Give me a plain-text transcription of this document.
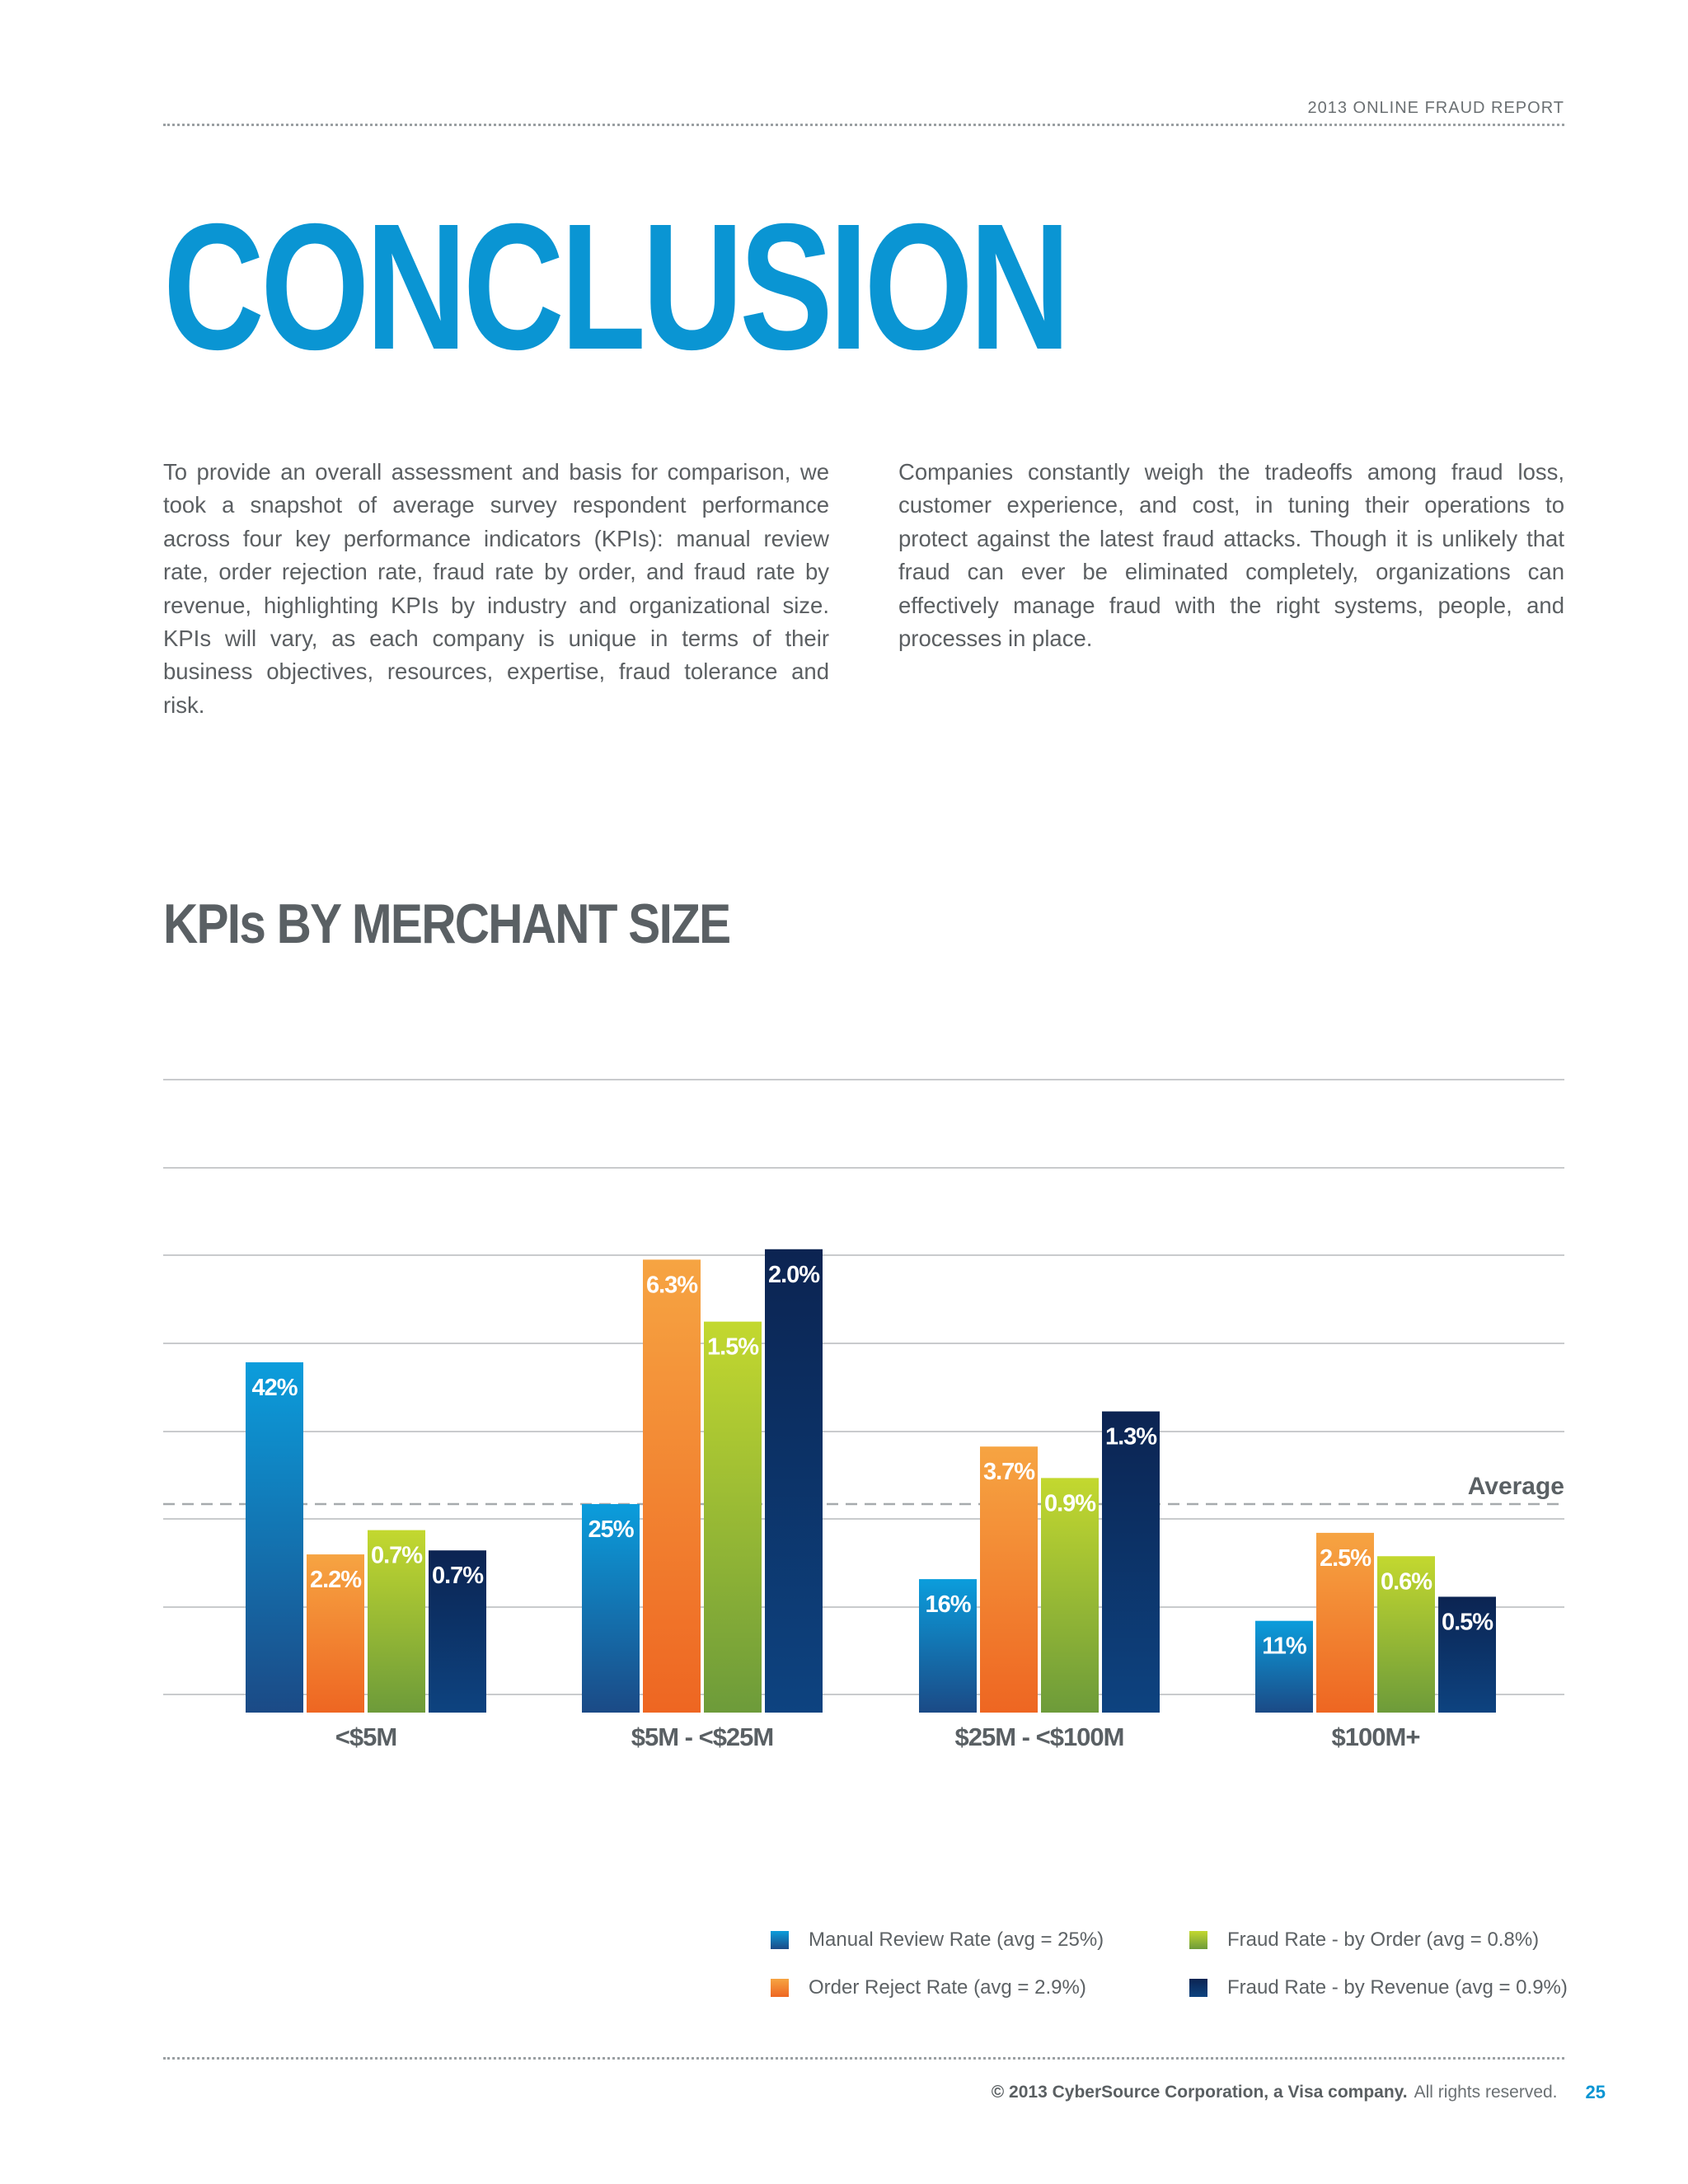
2013 ONLINE FRAUD REPORT
CONCLUSION

To provide an overall assessment and basis for comparison, we took a snapshot of average survey respondent performance across four key performance indicators (KPIs): manual review rate, order rejection rate, fraud rate by order, and fraud rate by revenue, highlighting KPIs by industry and organizational size. KPIs will vary, as each company is unique in terms of their business objectives, resources, expertise, fraud tolerance and risk.

Companies constantly weigh the tradeoffs among fraud loss, customer experience, and cost, in tuning their operations to protect against the latest fraud attacks. Though it is unlikely that fraud can ever be eliminated completely, organizations can effectively manage fraud with the right systems, people, and processes in place.

KPIs BY MERCHANT SIZE
Average
42%
2.2%
0.7%
0.7%
25%
6.3%
1.5%
2.0%
16%
3.7%
0.9%
1.3%
11%
2.5%
0.6%
0.5%
<$5M	$5M - <$25M	$25M - <$100M	$100M+
Manual Review Rate (avg = 25%)
Order Reject Rate (avg = 2.9%)
Fraud Rate - by Order (avg = 0.8%)
Fraud Rate - by Revenue (avg = 0.9%)
© 2013 CyberSource Corporation, a Visa company. All rights reserved. 25
